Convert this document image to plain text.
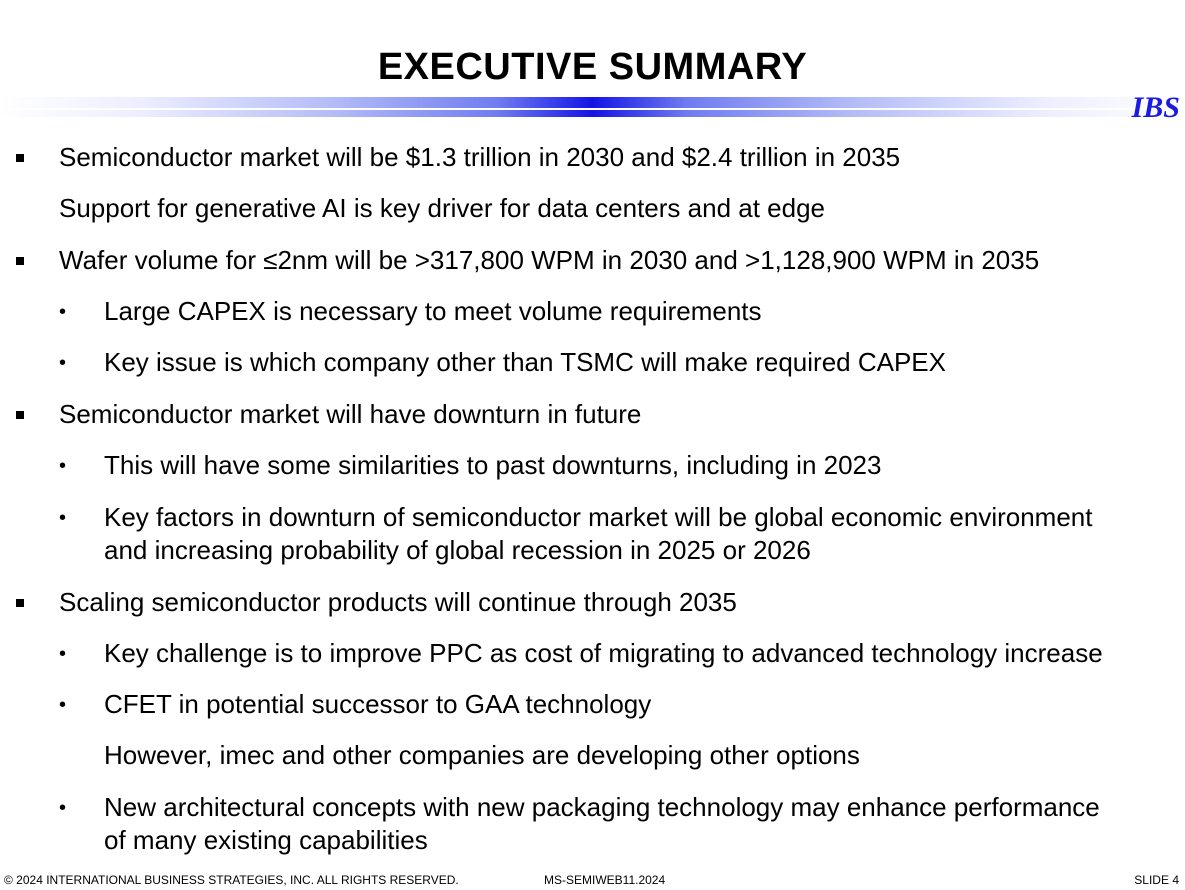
EXECUTIVE SUMMARY
IBS
Semiconductor market will be $1.3 trillion in 2030 and $2.4 trillion in 2035
Support for generative AI is key driver for data centers and at edge
Wafer volume for ≤2nm will be >317,800 WPM in 2030 and >1,128,900 WPM in 2035
• Large CAPEX is necessary to meet volume requirements
• Key issue is which company other than TSMC will make required CAPEX
Semiconductor market will have downturn in future
• This will have some similarities to past downturns, including in 2023
• Key factors in downturn of semiconductor market will be global economic environment
and increasing probability of global recession in 2025 or 2026
Scaling semiconductor products will continue through 2035
• Key challenge is to improve PPC as cost of migrating to advanced technology increase
• CFET in potential successor to GAA technology
However, imec and other companies are developing other options
• New architectural concepts with new packaging technology may enhance performance
of many existing capabilities
© 2024 INTERNATIONAL BUSINESS STRATEGIES, INC. ALL RIGHTS RESERVED.	MS-SEMIWEB11.2024	SLIDE 4
